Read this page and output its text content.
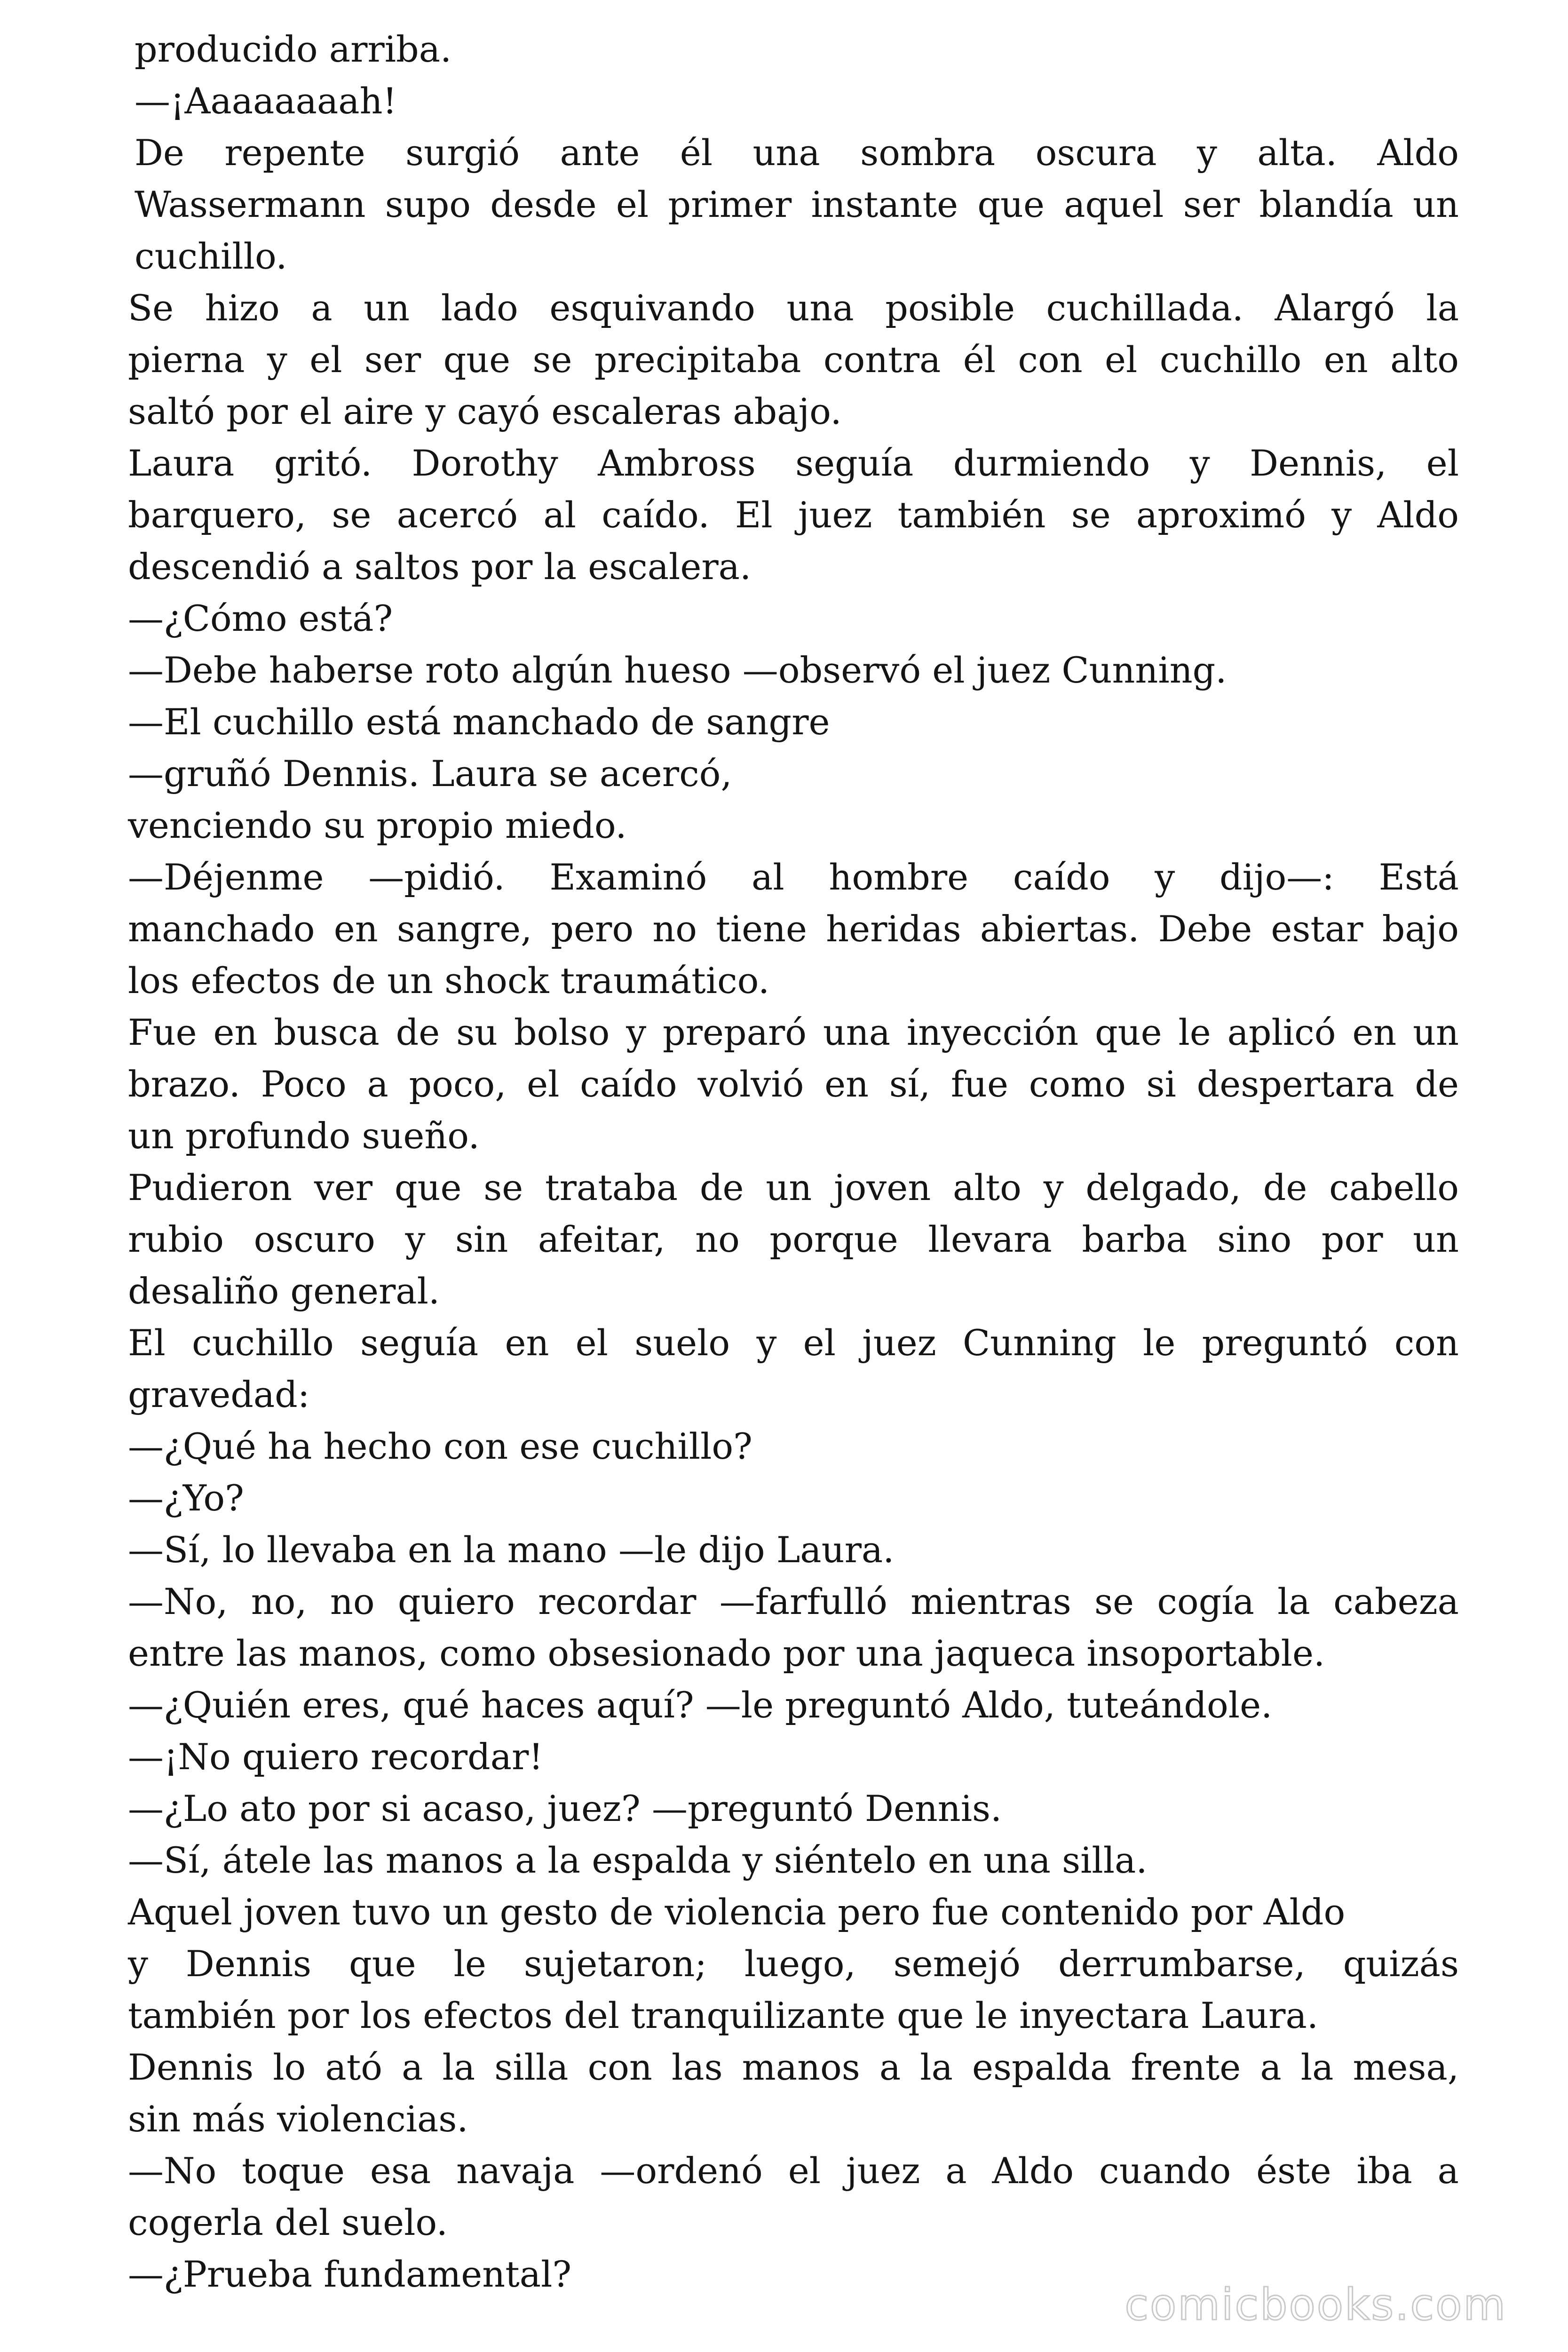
producido arriba.
—¡Aaaaaaaah!
De repente surgió ante él una sombra oscura y alta. Aldo
Wassermann supo desde el primer instante que aquel ser blandía un
cuchillo.
Se hizo a un lado esquivando una posible cuchillada. Alargó la
pierna y el ser que se precipitaba contra él con el cuchillo en alto
saltó por el aire y cayó escaleras abajo.
Laura gritó. Dorothy Ambross seguía durmiendo y Dennis, el
barquero, se acercó al caído. El juez también se aproximó y Aldo
descendió a saltos por la escalera.
—¿Cómo está?
—Debe haberse roto algún hueso —observó el juez Cunning.
—El cuchillo está manchado de sangre
—gruñó Dennis. Laura se acercó,
venciendo su propio miedo.
—Déjenme —pidió. Examinó al hombre caído y dijo—: Está
manchado en sangre, pero no tiene heridas abiertas. Debe estar bajo
los efectos de un shock traumático.
Fue en busca de su bolso y preparó una inyección que le aplicó en un
brazo. Poco a poco, el caído volvió en sí, fue como si despertara de
un profundo sueño.
Pudieron ver que se trataba de un joven alto y delgado, de cabello
rubio oscuro y sin afeitar, no porque llevara barba sino por un
desaliño general.
El cuchillo seguía en el suelo y el juez Cunning le preguntó con
gravedad:
—¿Qué ha hecho con ese cuchillo?
—¿Yo?
—Sí, lo llevaba en la mano —le dijo Laura.
—No, no, no quiero recordar —farfulló mientras se cogía la cabeza
entre las manos, como obsesionado por una jaqueca insoportable.
—¿Quién eres, qué haces aquí? —le preguntó Aldo, tuteándole.
—¡No quiero recordar!
—¿Lo ato por si acaso, juez? —preguntó Dennis.
—Sí, átele las manos a la espalda y siéntelo en una silla.
Aquel joven tuvo un gesto de violencia pero fue contenido por Aldo
y Dennis que le sujetaron; luego, semejó derrumbarse, quizás
también por los efectos del tranquilizante que le inyectara Laura.
Dennis lo ató a la silla con las manos a la espalda frente a la mesa,
sin más violencias.
—No toque esa navaja —ordenó el juez a Aldo cuando éste iba a
cogerla del suelo.
—¿Prueba fundamental?
comicbooks.com
